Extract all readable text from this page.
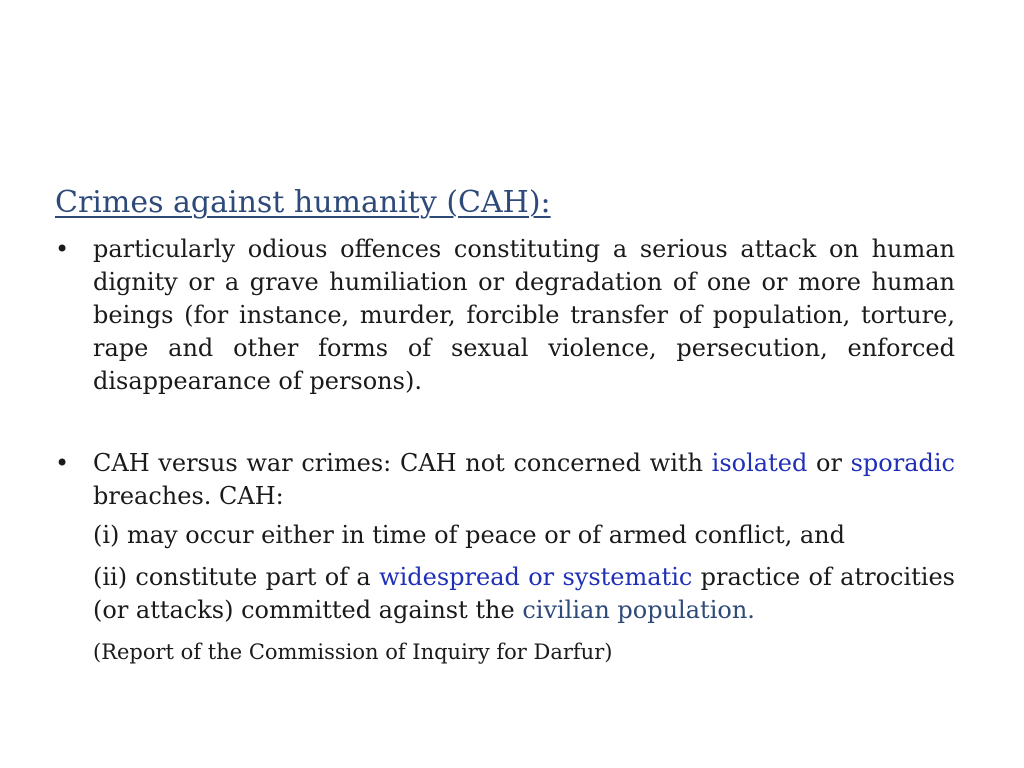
Crimes against humanity (CAH):
• particularly odious offences constituting a serious attack on human dignity or a grave humiliation or degradation of one or more human beings (for instance, murder, forcible transfer of population, torture, rape and other forms of sexual violence, persecution, enforced disappearance of persons).
• CAH versus war crimes: CAH not concerned with isolated or sporadic breaches. CAH:
(i) may occur either in time of peace or of armed conflict, and
(ii) constitute part of a widespread or systematic practice of atrocities (or attacks) committed against the civilian population.
(Report of the Commission of Inquiry for Darfur)
